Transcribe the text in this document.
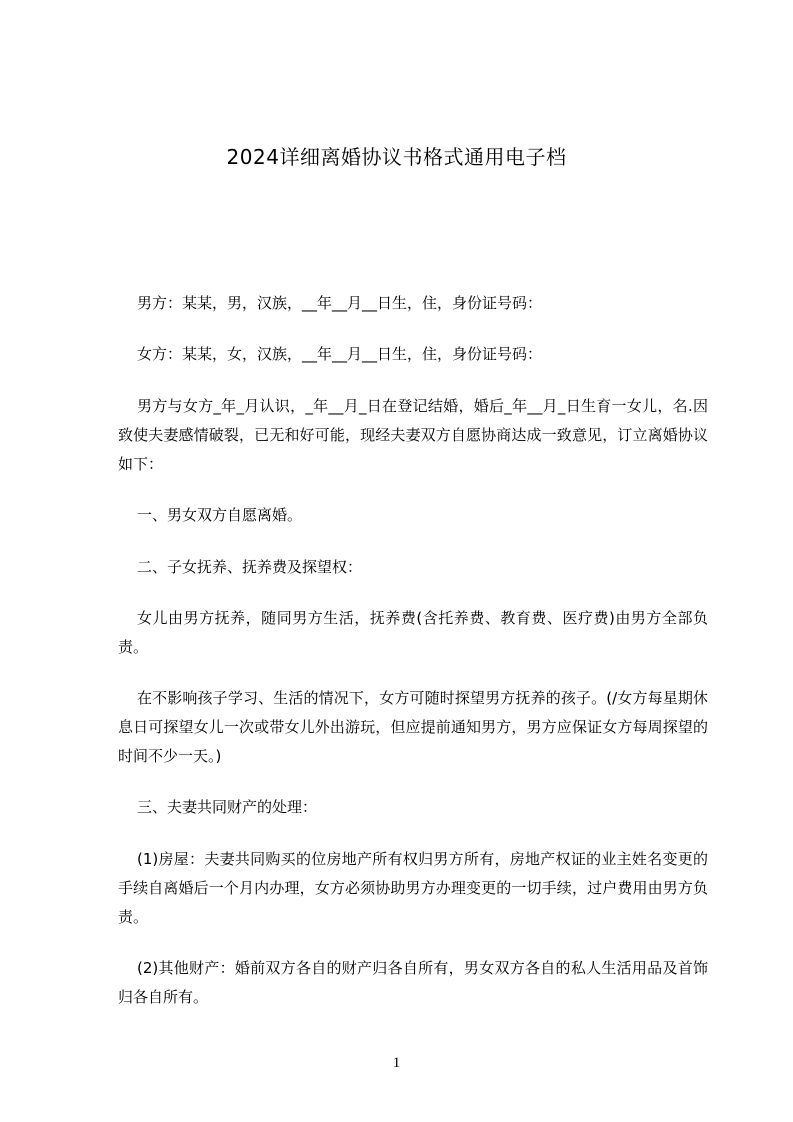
2024详细离婚协议书格式通用电子档

男方：某某，男，汉族，__年__月__日生，住，身份证号码：

女方：某某，女，汉族，__年__月__日生，住，身份证号码：

男方与女方_年_月认识，_年__月_日在登记结婚，婚后_年__月_日生育一女儿，名.因致使夫妻感情破裂，已无和好可能，现经夫妻双方自愿协商达成一致意见，订立离婚协议如下：

一、男女双方自愿离婚。

二、子女抚养、抚养费及探望权：

女儿由男方抚养，随同男方生活，抚养费(含托养费、教育费、医疗费)由男方全部负责。

在不影响孩子学习、生活的情况下，女方可随时探望男方抚养的孩子。(/女方每星期休息日可探望女儿一次或带女儿外出游玩，但应提前通知男方，男方应保证女方每周探望的时间不少一天。)

三、夫妻共同财产的处理：

(1)房屋：夫妻共同购买的位房地产所有权归男方所有，房地产权证的业主姓名变更的手续自离婚后一个月内办理，女方必须协助男方办理变更的一切手续，过户费用由男方负责。

(2)其他财产：婚前双方各自的财产归各自所有，男女双方各自的私人生活用品及首饰归各自所有。

1
